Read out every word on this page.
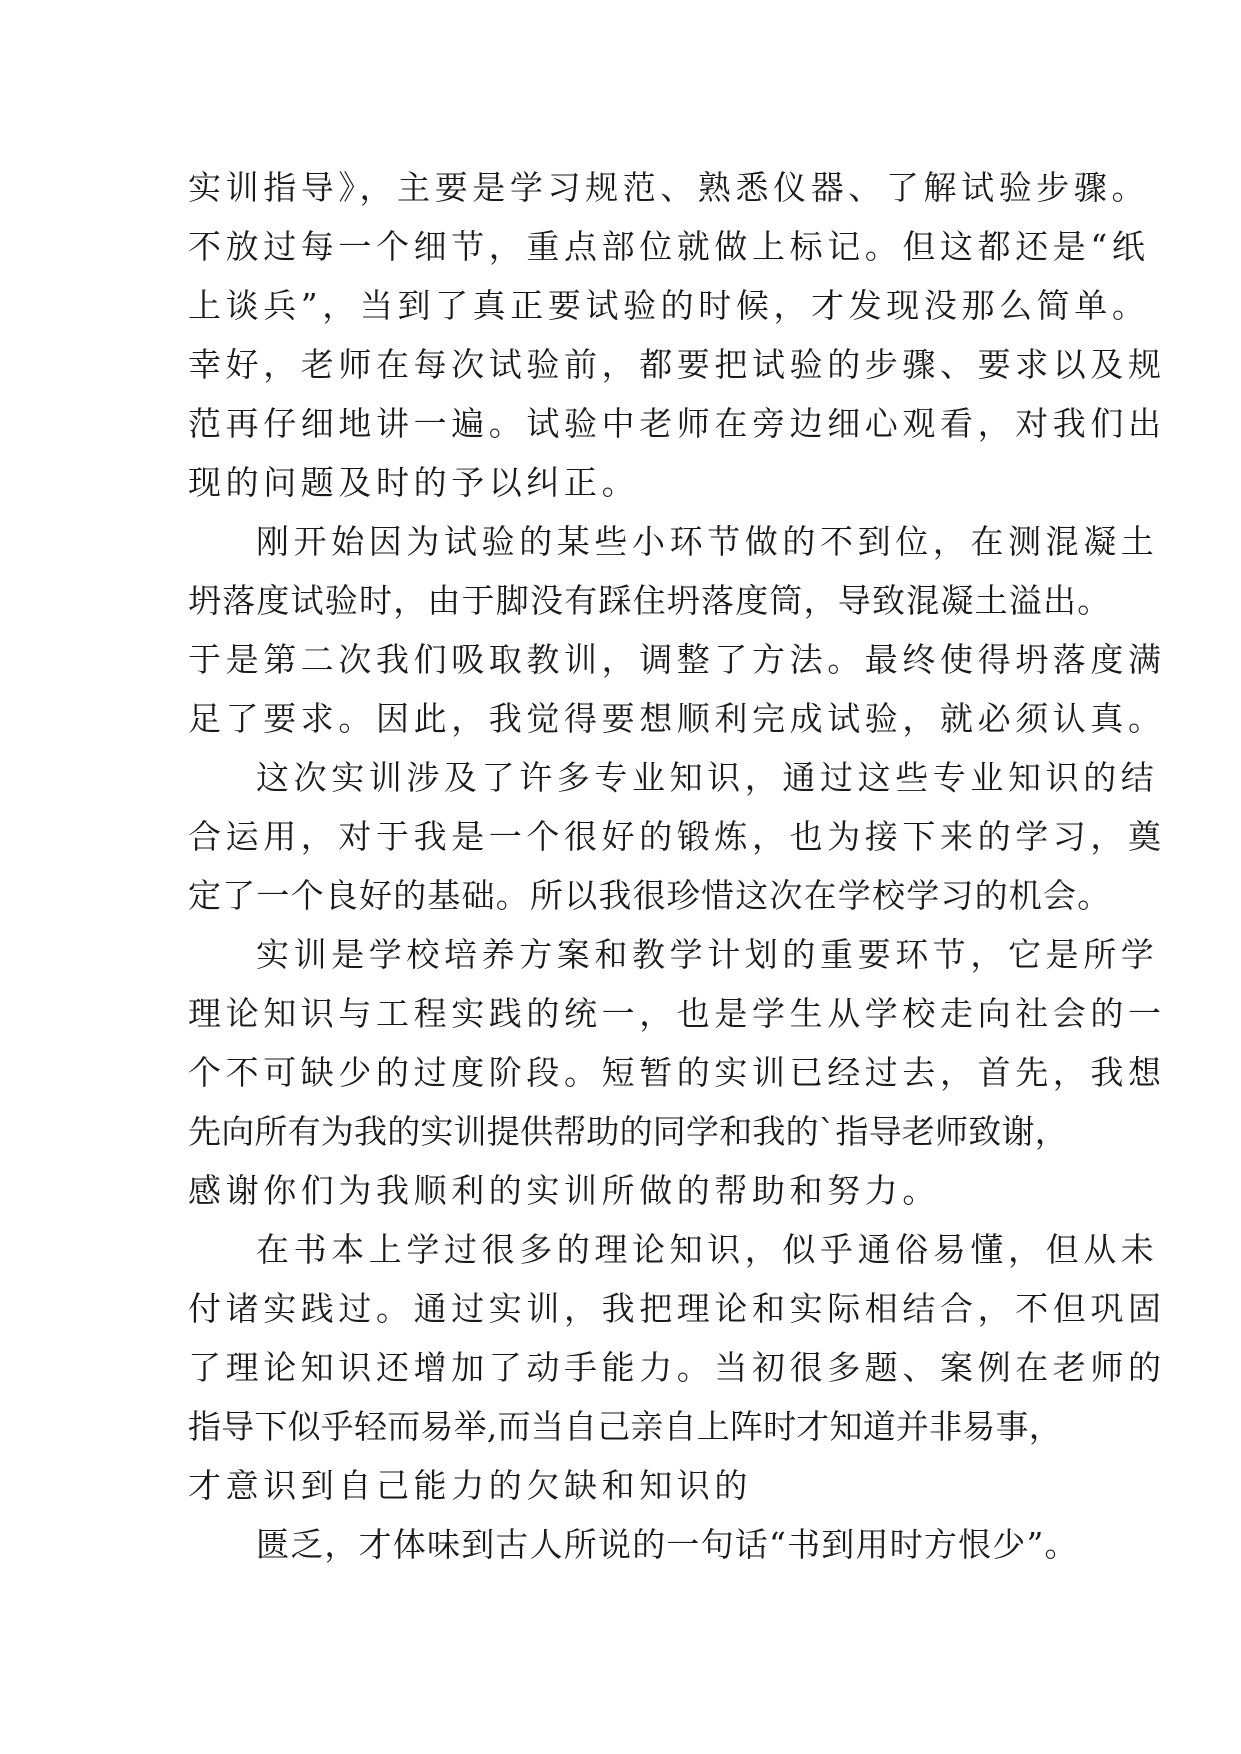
实训指导》，主要是学习规范、熟悉仪器、了解试验步骤。
不放过每一个细节，重点部位就做上标记。但这都还是“纸
上谈兵”，当到了真正要试验的时候，才发现没那么简单。
幸好，老师在每次试验前，都要把试验的步骤、要求以及规
范再仔细地讲一遍。试验中老师在旁边细心观看，对我们出
现的问题及时的予以纠正。
刚开始因为试验的某些小环节做的不到位，在测混凝土
坍落度试验时，由于脚没有踩住坍落度筒，导致混凝土溢出。
于是第二次我们吸取教训，调整了方法。最终使得坍落度满
足了要求。因此，我觉得要想顺利完成试验，就必须认真。
这次实训涉及了许多专业知识，通过这些专业知识的结
合运用，对于我是一个很好的锻炼，也为接下来的学习，奠
定了一个良好的基础。所以我很珍惜这次在学校学习的机会。
实训是学校培养方案和教学计划的重要环节，它是所学
理论知识与工程实践的统一，也是学生从学校走向社会的一
个不可缺少的过度阶段。短暂的实训已经过去，首先，我想
先向所有为我的实训提供帮助的同学和我的`指导老师致谢，
感谢你们为我顺利的实训所做的帮助和努力。
在书本上学过很多的理论知识，似乎通俗易懂，但从未
付诸实践过。通过实训，我把理论和实际相结合，不但巩固
了理论知识还增加了动手能力。当初很多题、案例在老师的
指导下似乎轻而易举,而当自己亲自上阵时才知道并非易事，
才意识到自己能力的欠缺和知识的
匮乏，才体味到古人所说的一句话“书到用时方恨少”。
